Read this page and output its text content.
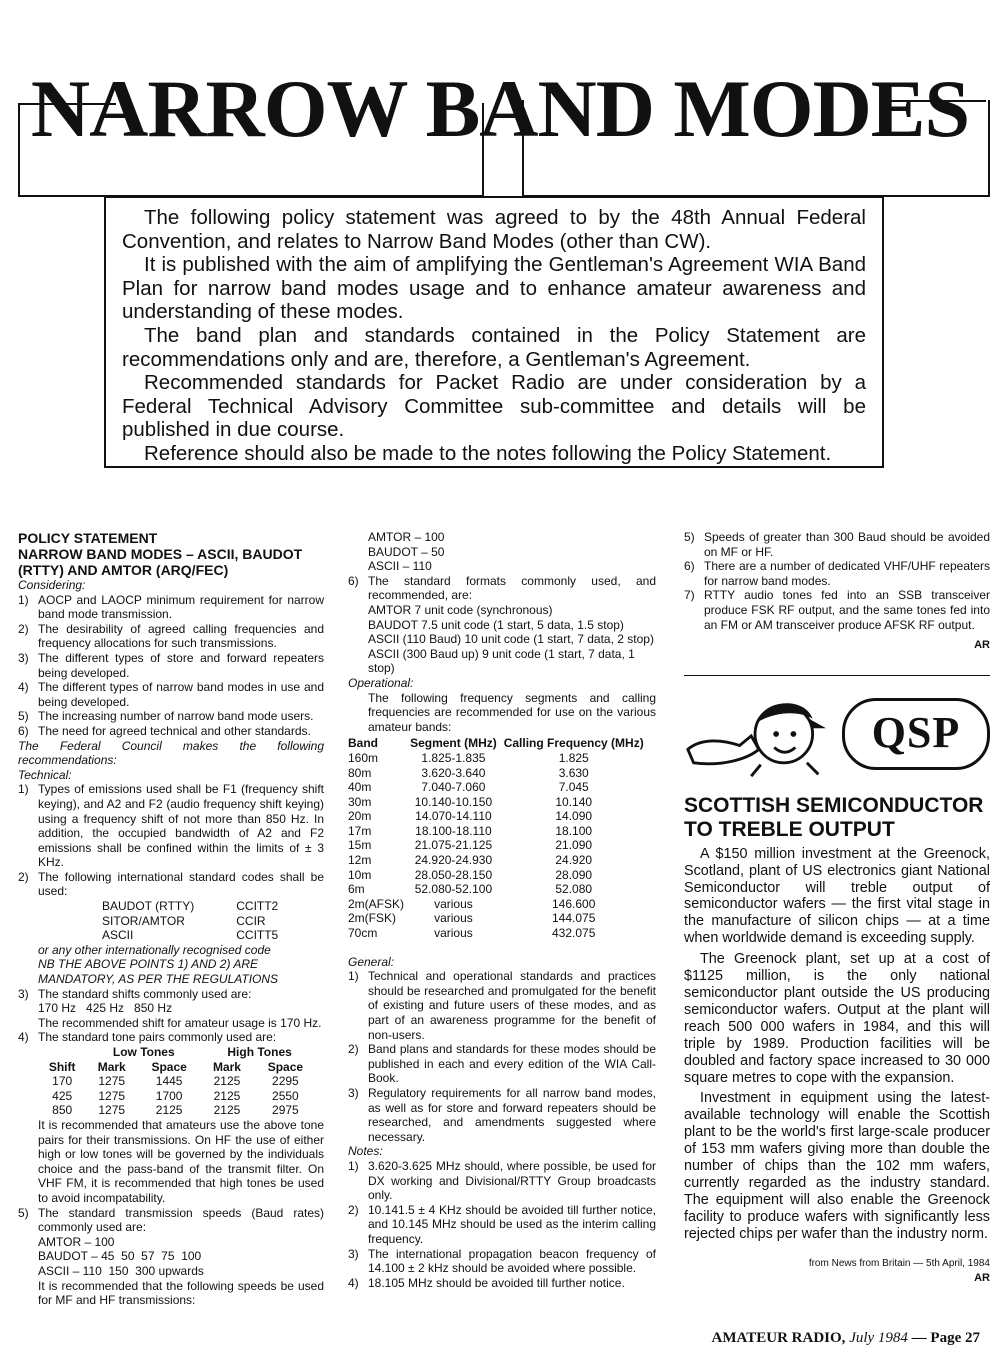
NARROW BAND MODES

The following policy statement was agreed to by the 48th Annual Federal Convention, and relates to Narrow Band Modes (other than CW).

It is published with the aim of amplifying the Gentleman's Agreement WIA Band Plan for narrow band modes usage and to enhance amateur awareness and understanding of these modes.

The band plan and standards contained in the Policy Statement are recommendations only and are, therefore, a Gentleman's Agreement.

Recommended standards for Packet Radio are under consideration by a Federal Technical Advisory Committee sub-committee and details will be published in due course.

Reference should also be made to the notes following the Policy Statement.

POLICY STATEMENT

NARROW BAND MODES – ASCII, BAUDOT (RTTY) AND AMTOR (ARQ/FEC)

Considering:

1) AOCP and LAOCP minimum requirement for narrow band mode transmission.
2) The desirability of agreed calling frequencies and frequency allocations for such transmissions.
3) The different types of store and forward repeaters being developed.
4) The different types of narrow band modes in use and being developed.
5) The increasing number of narrow band mode users.
6) The need for agreed technical and other standards.

The Federal Council makes the following recommendations:

Technical:

1) Types of emissions used shall be F1 (frequency shift keying), and A2 and F2 (audio frequency shift keying) using a frequency shift of not more than 850 Hz. In addition, the occupied bandwidth of A2 and F2 emissions shall be confined within the limits of ± 3 KHz.
2) The following international standard codes shall be used:
BAUDOT (RTTY)	CCITT2
SITOR/AMTOR	CCIR
ASCII	CCITT5

or any other internationally recognised code

NB THE ABOVE POINTS 1) AND 2) ARE MANDATORY, AS PER THE REGULATIONS

3) The standard shifts commonly used are:

170 Hz   425 Hz   850 Hz

The recommended shift for amateur usage is 170 Hz.

4) The standard tone pairs commonly used are:
	Low Tones		High Tones	
Shift	Mark	Space	Mark	Space
170	1275	1445	2125	2295
425	1275	1700	2125	2550
850	1275	2125	2125	2975

It is recommended that amateurs use the above tone pairs for their transmissions. On HF the use of either high or low tones will be governed by the individuals choice and the pass-band of the transmit filter. On VHF FM, it is recommended that high tones be used to avoid incompatability.

5) The standard transmission speeds (Baud rates) commonly used are:

AMTOR – 100

BAUDOT – 45  50  57  75  100

ASCII – 110  150  300 upwards

It is recommended that the following speeds be used for MF and HF transmissions:

AMTOR – 100

BAUDOT – 50

ASCII – 110

6) The standard formats commonly used, and recommended, are:

AMTOR 7 unit code (synchronous)

BAUDOT 7.5 unit code (1 start, 5 data, 1.5 stop)

ASCII (110 Baud) 10 unit code (1 start, 7 data, 2 stop)

ASCII (300 Baud up) 9 unit code (1 start, 7 data, 1 stop)

Operational:

The following frequency segments and calling frequencies are recommended for use on the various amateur bands:

Band	Segment (MHz)	Calling Frequency (MHz)
160m	1.825-1.835	1.825
80m	3.620-3.640	3.630
40m	7.040-7.060	7.045
30m	10.140-10.150	10.140
20m	14.070-14.110	14.090
17m	18.100-18.110	18.100
15m	21.075-21.125	21.090
12m	24.920-24.930	24.920
10m	28.050-28.150	28.090
6m	52.080-52.100	52.080
2m(AFSK)	various	146.600
2m(FSK)	various	144.075
70cm	various	432.075

General:

1) Technical and operational standards and practices should be researched and promulgated for the benefit of existing and future users of these modes, and as part of an awareness programme for the benefit of non-users.
2) Band plans and standards for these modes should be published in each and every edition of the WIA Call-Book.
3) Regulatory requirements for all narrow band modes, as well as for store and forward repeaters should be researched, and amendments suggested where necessary.

Notes:

1) 3.620-3.625 MHz should, where possible, be used for DX working and Divisional/RTTY Group broadcasts only.
2) 10.141.5 ± 4 KHz should be avoided till further notice, and 10.145 MHz should be used as the interim calling frequency.
3) The international propagation beacon frequency of 14.100 ± 2 kHz should be avoided where possible.
4) 18.105 MHz should be avoided till further notice.
5) Speeds of greater than 300 Baud should be avoided on MF or HF.
6) There are a number of dedicated VHF/UHF repeaters for narrow band modes.
7) RTTY audio tones fed into an SSB transceiver produce FSK RF output, and the same tones fed into an FM or AM transceiver produce AFSK RF output.

AR

QSP

SCOTTISH SEMICONDUCTOR TO TREBLE OUTPUT

A $150 million investment at the Greenock, Scotland, plant of US electronics giant National Semiconductor will treble output of semiconductor wafers — the first vital stage in the manufacture of silicon chips — at a time when worldwide demand is exceeding supply.

The Greenock plant, set up at a cost of $1125 million, is the only national semiconductor plant outside the US producing semiconductor wafers. Output at the plant will reach 500 000 wafers in 1984, and this will triple by 1989. Production facilities will be doubled and factory space increased to 30 000 square metres to cope with the expansion.

Investment in equipment using the latest-available technology will enable the Scottish plant to be the world's first large-scale producer of 153 mm wafers giving more than double the number of chips than the 102 mm wafers, currently regarded as the industry standard. The equipment will also enable the Greenock facility to produce wafers with significantly less rejected chips per wafer than the industry norm.

from News from Britain — 5th April, 1984

AR

AMATEUR RADIO, July 1984 — Page 27
